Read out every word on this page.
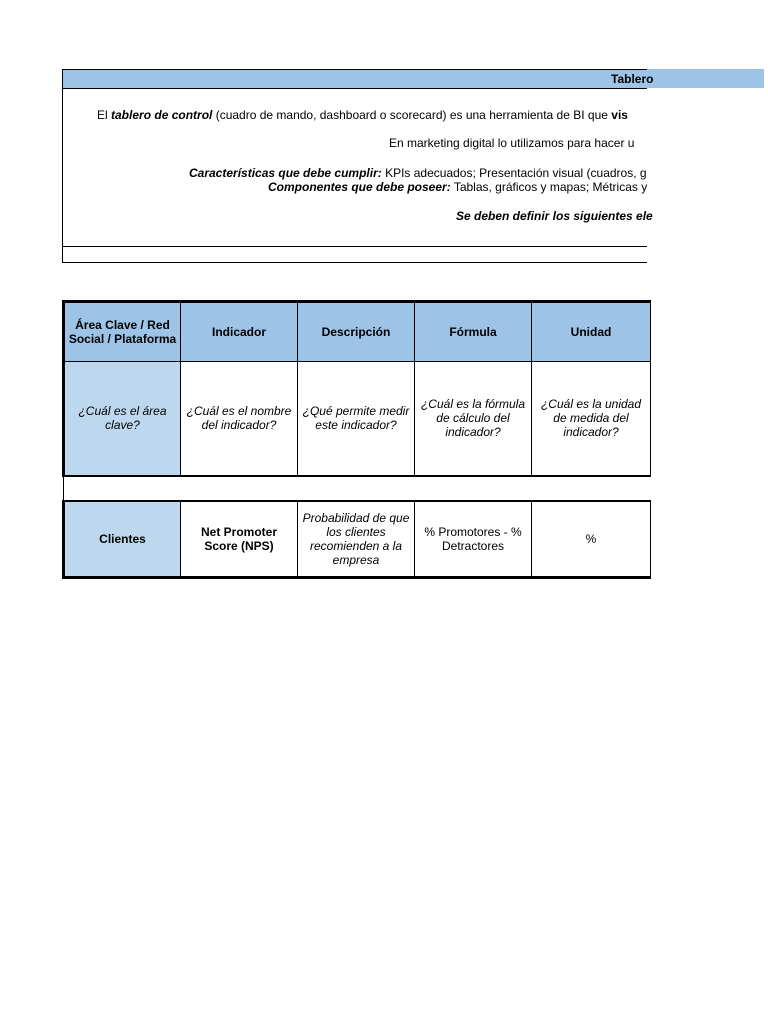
Tablero
El tablero de control (cuadro de mando, dashboard o scorecard) es una herramienta de BI que vis
En marketing digital lo utilizamos para hacer u
Características que debe cumplir: KPIs adecuados; Presentación visual (cuadros, g
Componentes que debe poseer: Tablas, gráficos y mapas; Métricas y
Se deben definir los siguientes ele
Área Clave / Red Social / Plataforma	Indicador	Descripción	Fórmula	Unidad
¿Cuál es el área clave?	¿Cuál es el nombre del indicador?	¿Qué permite medir este indicador?	¿Cuál es la fórmula de cálculo del indicador?	¿Cuál es la unidad de medida del indicador?

Clientes	Net Promoter Score (NPS)	Probabilidad de que los clientes recomienden a la empresa	% Promotores - % Detractores	%
